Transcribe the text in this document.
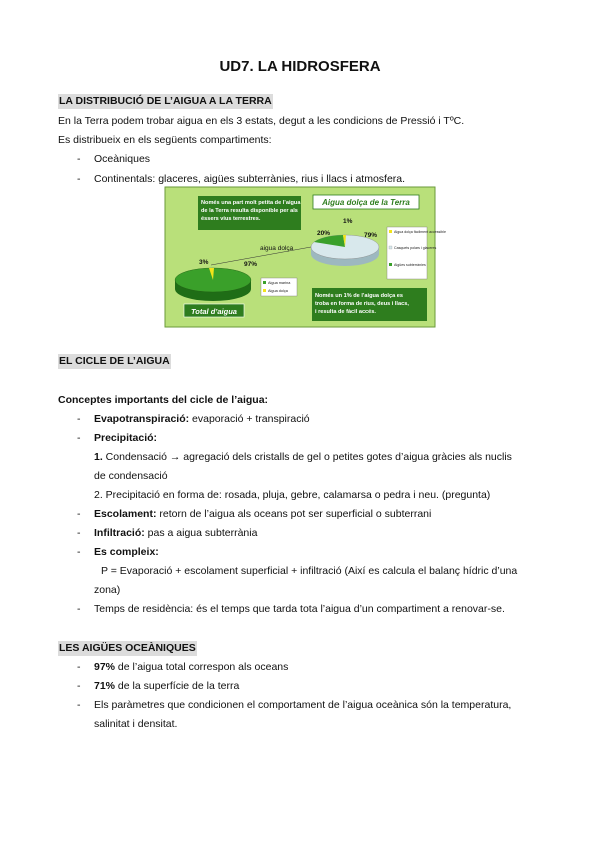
UD7. LA HIDROSFERA
LA DISTRIBUCIÓ DE L’AIGUA A LA TERRA
En la Terra podem trobar aigua en els 3 estats, degut a les condicions de Pressió i TºC.
Es distribueix en els següents compartiments:
- Oceàniques
- Continentals: glaceres, aigües subterrànies, rius i llacs i atmosfera.
Només una part molt petita de l’aigua de la Terra resulta disponible per als éssers vius terrestres.
Aigua dolça de la Terra
20%
1%
79%	Aigua dolça fàcilment accessible
Casquets polars i glaceres
Aigües subterrànies
aigua dolça
3%	97%
Aigua marina
Aigua dolça
Total d’aigua
Només un 1% de l’aigua dolça es troba en forma de rius, deus i llacs, i resulta de fàcil accés.
EL CICLE DE L’AIGUA
Conceptes importants del cicle de l’aigua:
- Evapotranspiració: evaporació + transpiració
- Precipitació:
1. Condensació → agregació dels cristalls de gel o petites gotes d’aigua gràcies als nuclis
de condensació
2. Precipitació en forma de: rosada, pluja, gebre, calamarsa o pedra i neu. (pregunta)
- Escolament: retorn de l’aigua als oceans pot ser superficial o subterrani
- Infiltració: pas a aigua subterrània
- Es compleix:
P = Evaporació + escolament superficial + infiltració (Així es calcula el balanç hídric d’una
zona)
- Temps de residència: és el temps que tarda tota l’aigua d’un compartiment a renovar-se.
LES AIGÜES OCEÀNIQUES
- 97% de l’aigua total correspon als oceans
- 71% de la superfície de la terra
- Els paràmetres que condicionen el comportament de l’aigua oceànica són la temperatura,
salinitat i densitat.
